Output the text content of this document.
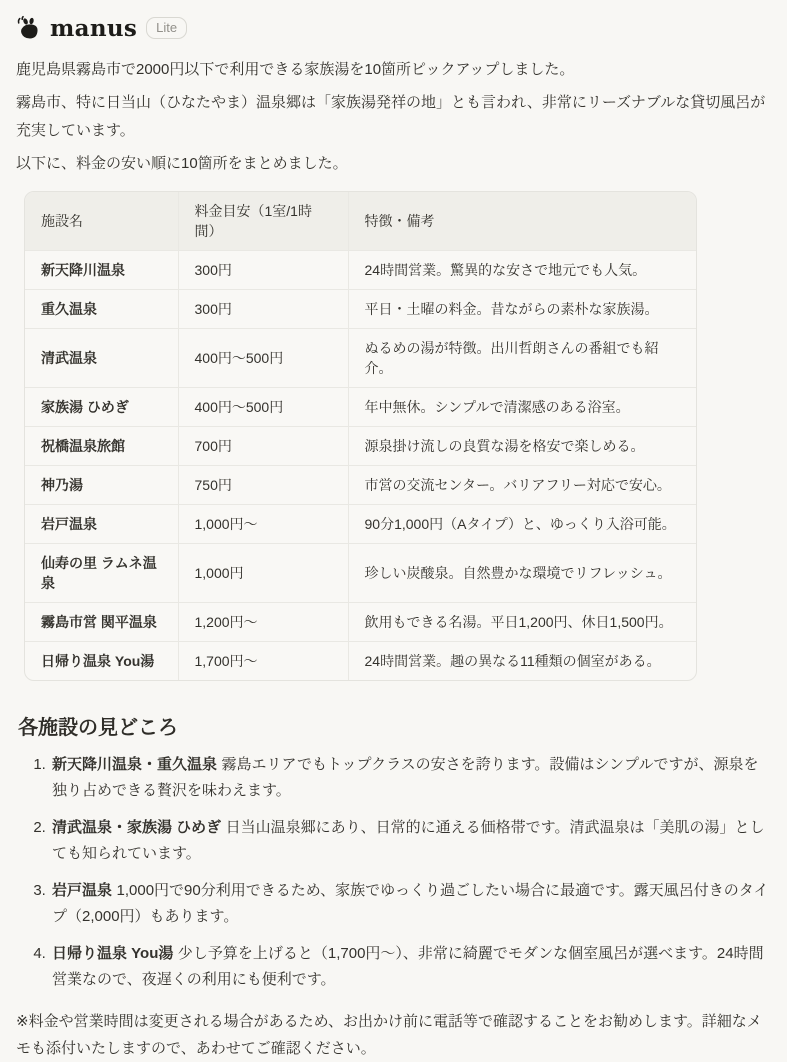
manus	Lite

鹿児島県霧島市で2000円以下で利用できる家族湯を10箇所ピックアップしました。

霧島市、特に日当山（ひなたやま）温泉郷は「家族湯発祥の地」とも言われ、非常にリーズナブルな貸切風呂が充実しています。

以下に、料金の安い順に10箇所をまとめました。

施設名	料金目安（1室/1時間）	特徴・備考
新天降川温泉	300円	24時間営業。驚異的な安さで地元でも人気。
重久温泉	300円	平日・土曜の料金。昔ながらの素朴な家族湯。
清武温泉	400円～500円	ぬるめの湯が特徴。出川哲朗さんの番組でも紹介。
家族湯 ひめぎ	400円～500円	年中無休。シンプルで清潔感のある浴室。
祝橋温泉旅館	700円	源泉掛け流しの良質な湯を格安で楽しめる。
神乃湯	750円	市営の交流センター。バリアフリー対応で安心。
岩戸温泉	1,000円～	90分1,000円（Aタイプ）と、ゆっくり入浴可能。
仙寿の里 ラムネ温泉	1,000円	珍しい炭酸泉。自然豊かな環境でリフレッシュ。
霧島市営 関平温泉	1,200円～	飲用もできる名湯。平日1,200円、休日1,500円。
日帰り温泉 You湯	1,700円～	24時間営業。趣の異なる11種類の個室がある。
各施設の見どころ
1. 新天降川温泉・重久温泉 霧島エリアでもトップクラスの安さを誇ります。設備はシンプルですが、源泉を独り占めできる贅沢を味わえます。
2. 清武温泉・家族湯 ひめぎ 日当山温泉郷にあり、日常的に通える価格帯です。清武温泉は「美肌の湯」としても知られています。
3. 岩戸温泉 1,000円で90分利用できるため、家族でゆっくり過ごしたい場合に最適です。露天風呂付きのタイプ（2,000円）もあります。
4. 日帰り温泉 You湯 少し予算を上げると（1,700円～）、非常に綺麗でモダンな個室風呂が選べます。24時間営業なので、夜遅くの利用にも便利です。

※料金や営業時間は変更される場合があるため、お出かけ前に電話等で確認することをお勧めします。詳細なメモも添付いたしますので、あわせてご確認ください。
